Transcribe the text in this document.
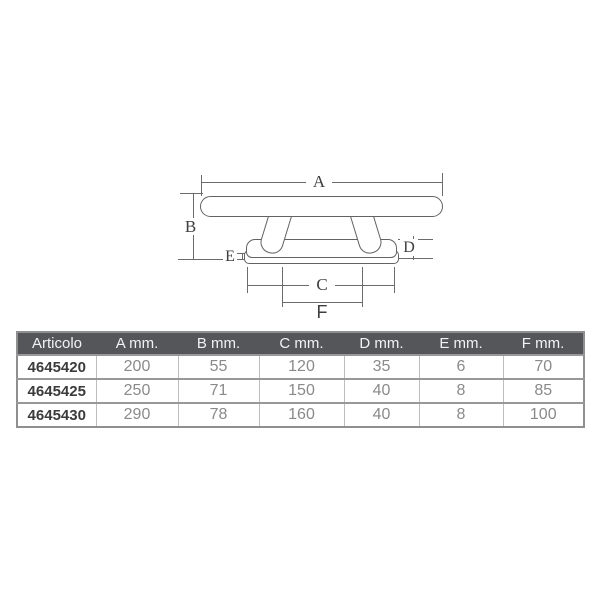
A
B
D
E
C
F
Articolo	A mm.	B mm.	C mm.	D mm.	E mm.	F mm.
4645420	200	55	120	35	6	70
4645425	250	71	150	40	8	85
4645430	290	78	160	40	8	100
